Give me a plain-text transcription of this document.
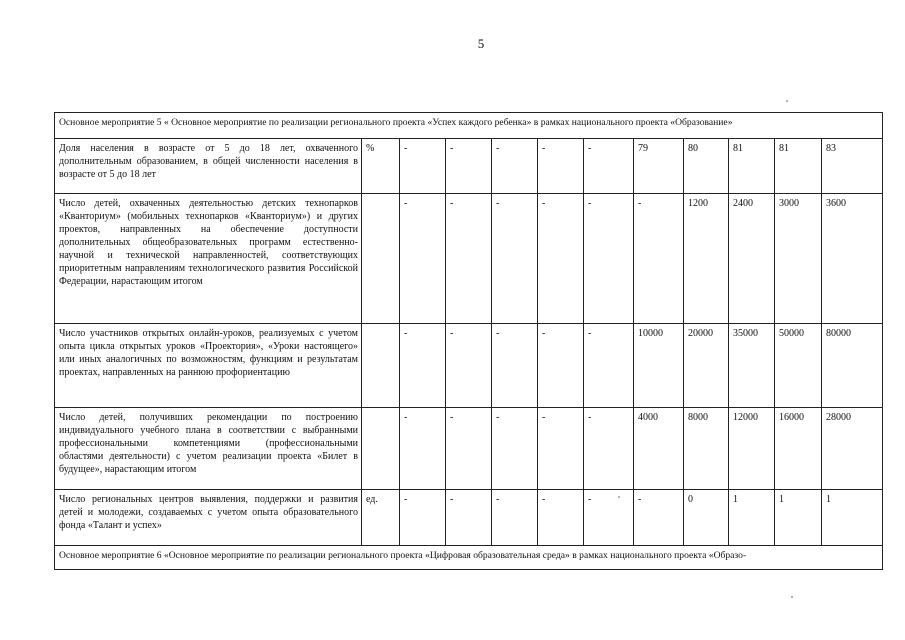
5
Основное мероприятие 5 « Основное мероприятие по реализации регионального проекта «Успех каждого ребенка» в рамках национального проекта «Образование»											
Доля населения в возрасте от 5 до 18 лет, охваченного дополнительным образованием, в общей численности населения в возрасте от 5 до 18 лет	%	-	-	-	-	-	79	80	81	81	83
Число детей, охваченных деятельностью детских технопарков «Кванториум» (мобильных технопарков «Кванториум») и других проектов, направленных на обеспечение доступности дополнительных общеобразовательных программ естественно-научной и технической направленностей, соответствующих приоритетным направлениям технологического развития Российской Федерации, нарастающим итогом		-	-	-	-	-	-	1200	2400	3000	3600
Число участников открытых онлайн-уроков, реализуемых с учетом опыта цикла открытых уроков «Проектория», «Уроки настоящего» или иных аналогичных по возможностям, функциям и результатам проектах, направленных на раннюю профориентацию		-	-	-	-	-	10000	20000	35000	50000	80000
Число детей, получивших рекомендации по построению индивидуального учебного плана в соответствии с выбранными профессиональными компетенциями (профессиональными областями деятельности) с учетом реализации проекта «Билет в будущее», нарастающим итогом		-	-	-	-	-	4000	8000	12000	16000	28000
Число региональных центров выявления, поддержки и развития детей и молодежи, создаваемых с учетом опыта образовательного фонда «Талант и успех»	ед.	-	-	-	-	-	-	0	1	1	1
Основное мероприятие 6 «Основное мероприятие по реализации регионального проекта «Цифровая образовательная среда» в рамках национального проекта «Образо-											
